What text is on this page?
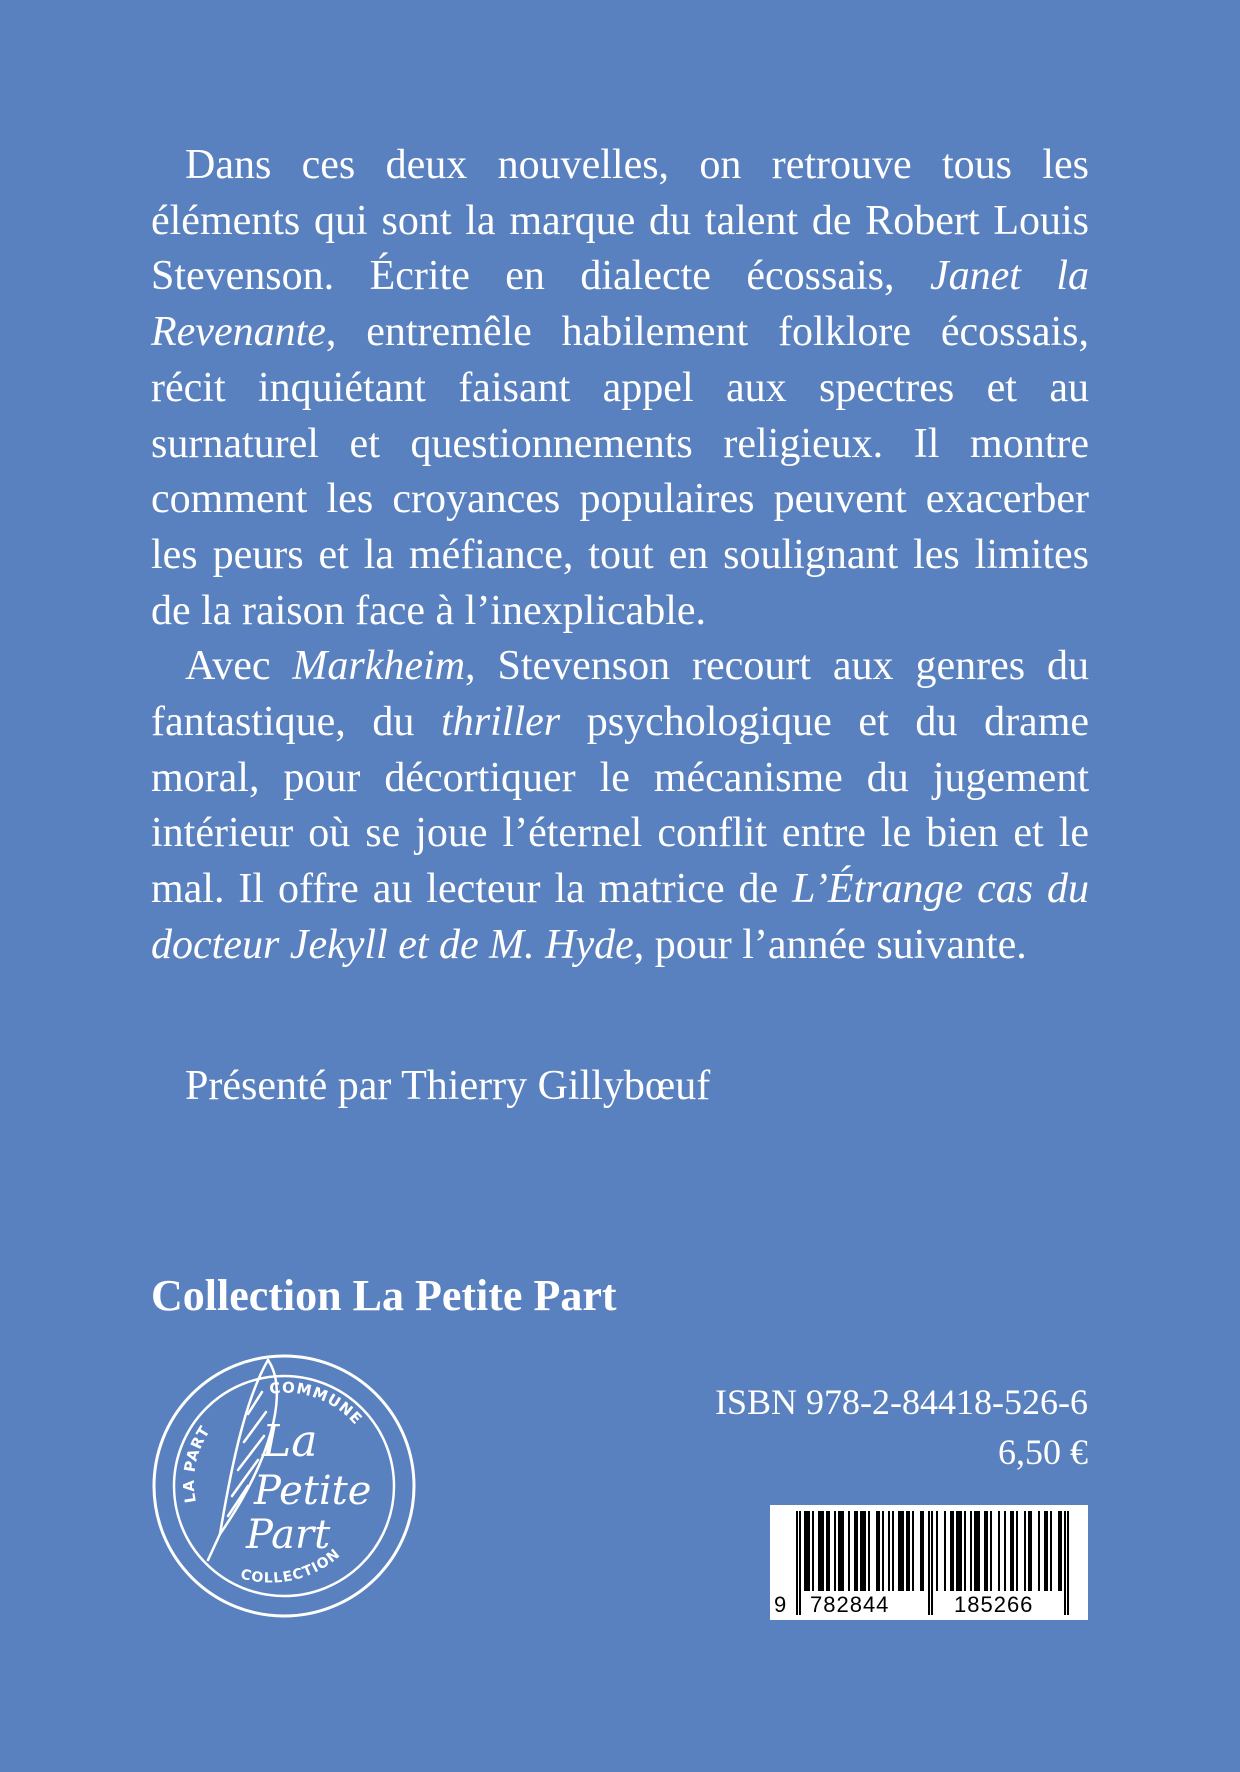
Dans ces deux nouvelles, on retrouve tous les éléments qui sont la marque du talent de Robert Louis Stevenson. Écrite en dialecte écossais, Janet la Revenante, entremêle habilement folklore écossais, récit inquiétant faisant appel aux spectres et au surnaturel et questionnements religieux. Il montre comment les croyances populaires peuvent exacerber les peurs et la méfiance, tout en soulignant les limites de la raison face à l’inexplicable.

Avec Markheim, Stevenson recourt aux genres du fantastique, du thriller psychologique et du drame moral, pour décortiquer le mécanisme du jugement intérieur où se joue l’éternel conflit entre le bien et le mal. Il offre au lecteur la matrice de L’Étrange cas du docteur Jekyll et de M. Hyde, pour l’année suivante.

Présenté par Thierry Gillybœuf
Collection La Petite Part
LA PART
COMMUNE
COLLECTION
La
Petite
Part
ISBN 978-2-84418-526-6
6,50 €
9 782844	185266
